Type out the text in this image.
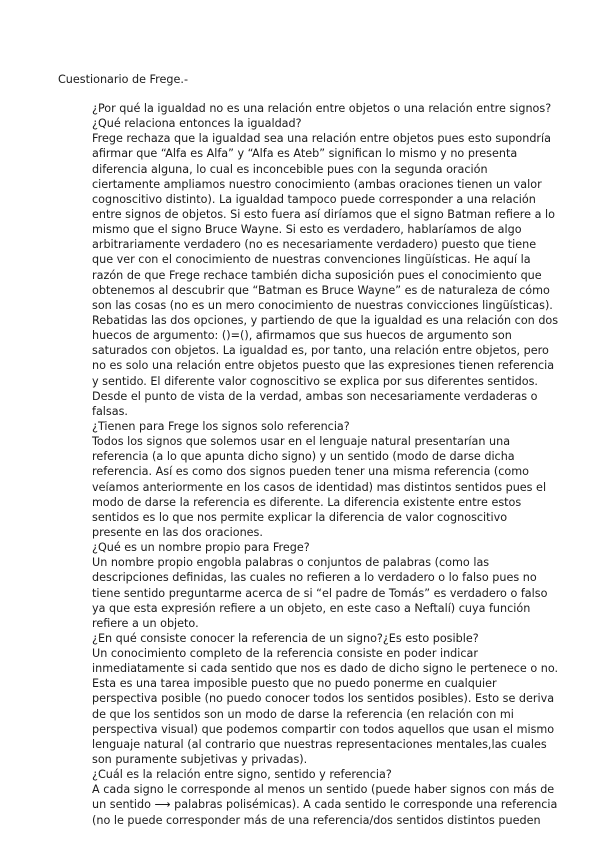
Cuestionario de Frege.-
¿Por qué la igualdad no es una relación entre objetos o una relación entre signos?
¿Qué relaciona entonces la igualdad?
Frege rechaza que la igualdad sea una relación entre objetos pues esto supondría
afirmar que “Alfa es Alfa” y “Alfa es Ateb” significan lo mismo y no presenta
diferencia alguna, lo cual es inconcebible pues con la segunda oración
ciertamente ampliamos nuestro conocimiento (ambas oraciones tienen un valor
cognoscitivo distinto). La igualdad tampoco puede corresponder a una relación
entre signos de objetos. Si esto fuera así diríamos que el signo Batman refiere a lo
mismo que el signo Bruce Wayne. Si esto es verdadero, hablaríamos de algo
arbitrariamente verdadero (no es necesariamente verdadero) puesto que tiene
que ver con el conocimiento de nuestras convenciones lingüísticas. He aquí la
razón de que Frege rechace también dicha suposición pues el conocimiento que
obtenemos al descubrir que “Batman es Bruce Wayne” es de naturaleza de cómo
son las cosas (no es un mero conocimiento de nuestras convicciones lingüísticas).
Rebatidas las dos opciones, y partiendo de que la igualdad es una relación con dos
huecos de argumento: ()=(), afirmamos que sus huecos de argumento son
saturados con objetos. La igualdad es, por tanto, una relación entre objetos, pero
no es solo una relación entre objetos puesto que las expresiones tienen referencia
y sentido. El diferente valor cognoscitivo se explica por sus diferentes sentidos.
Desde el punto de vista de la verdad, ambas son necesariamente verdaderas o
falsas.
¿Tienen para Frege los signos solo referencia?
Todos los signos que solemos usar en el lenguaje natural presentarían una
referencia (a lo que apunta dicho signo) y un sentido (modo de darse dicha
referencia. Así es como dos signos pueden tener una misma referencia (como
veíamos anteriormente en los casos de identidad) mas distintos sentidos pues el
modo de darse la referencia es diferente. La diferencia existente entre estos
sentidos es lo que nos permite explicar la diferencia de valor cognoscitivo
presente en las dos oraciones.
¿Qué es un nombre propio para Frege?
Un nombre propio engobla palabras o conjuntos de palabras (como las
descripciones definidas, las cuales no refieren a lo verdadero o lo falso pues no
tiene sentido preguntarme acerca de si “el padre de Tomás” es verdadero o falso
ya que esta expresión refiere a un objeto, en este caso a Neftalí) cuya función
refiere a un objeto.
¿En qué consiste conocer la referencia de un signo?¿Es esto posible?
Un conocimiento completo de la referencia consiste en poder indicar
inmediatamente si cada sentido que nos es dado de dicho signo le pertenece o no.
Esta es una tarea imposible puesto que no puedo ponerme en cualquier
perspectiva posible (no puedo conocer todos los sentidos posibles). Esto se deriva
de que los sentidos son un modo de darse la referencia (en relación con mi
perspectiva visual) que podemos compartir con todos aquellos que usan el mismo
lenguaje natural (al contrario que nuestras representaciones mentales,las cuales
son puramente subjetivas y privadas).
¿Cuál es la relación entre signo, sentido y referencia?
A cada signo le corresponde al menos un sentido (puede haber signos con más de
un sentido ⟶ palabras polisémicas). A cada sentido le corresponde una referencia
(no le puede corresponder más de una referencia/dos sentidos distintos pueden
